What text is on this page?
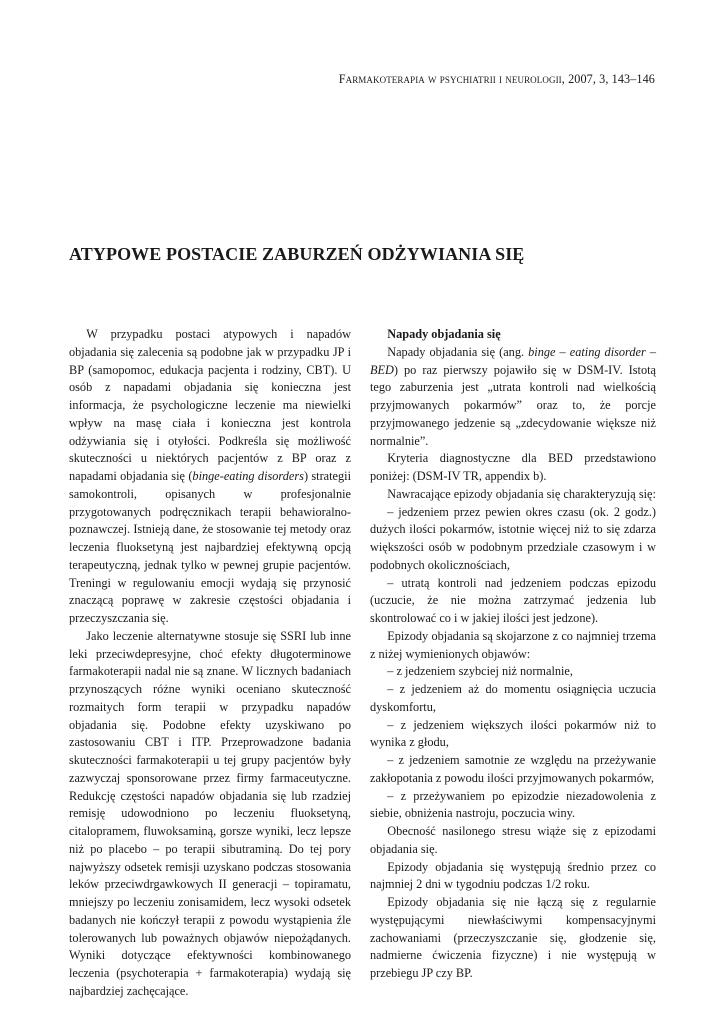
Farmakoterapia w psychiatrii i neurologii, 2007, 3, 143–146
ATYPOWE POSTACIE ZABURZEŃ ODŻYWIANIA SIĘ

W przypadku postaci atypowych i napadów objadania się zalecenia są podobne jak w przypadku JP i BP (samopomoc, edukacja pacjenta i rodziny, CBT). U osób z napadami objadania się konieczna jest informacja, że psychologiczne leczenie ma niewielki wpływ na masę ciała i konieczna jest kontrola odżywiania się i otyłości. Podkreśla się możliwość skuteczności u niektórych pacjentów z BP oraz z napadami objadania się (binge-eating disorders) strategii samokontroli, opisanych w profesjonalnie przygotowanych podręcznikach terapii behawioralno-poznawczej. Istnieją dane, że stosowanie tej metody oraz leczenia fluoksetyną jest najbardziej efektywną opcją terapeutyczną, jednak tylko w pewnej grupie pacjentów. Treningi w regulowaniu emocji wydają się przynosić znaczącą poprawę w zakresie częstości objadania i przeczyszczania się.

Jako leczenie alternatywne stosuje się SSRI lub inne leki przeciwdepresyjne, choć efekty długoterminowe farmakoterapii nadal nie są znane. W licznych badaniach przynoszących różne wyniki oceniano skuteczność rozmaitych form terapii w przypadku napadów objadania się. Podobne efekty uzyskiwano po zastosowaniu CBT i ITP. Przeprowadzone badania skuteczności farmakoterapii u tej grupy pacjentów były zazwyczaj sponsorowane przez firmy farmaceutyczne. Redukcję częstości napadów objadania się lub rzadziej remisję udowodniono po leczeniu fluoksetyną, citalopramem, fluwoksaminą, gorsze wyniki, lecz lepsze niż po placebo – po terapii sibutraminą. Do tej pory najwyższy odsetek remisji uzyskano podczas stosowania leków przeciwdrgawkowych II generacji – topiramatu, mniejszy po leczeniu zonisamidem, lecz wysoki odsetek badanych nie kończył terapii z powodu wystąpienia źle tolerowanych lub poważnych objawów niepożądanych. Wyniki dotyczące efektywności kombinowanego leczenia (psychoterapia + farmakoterapia) wydają się najbardziej zachęcające.

Napady objadania się

Napady objadania się (ang. binge – eating disorder – BED) po raz pierwszy pojawiło się w DSM-IV. Istotą tego zaburzenia jest „utrata kontroli nad wielkością przyjmowanych pokarmów” oraz to, że porcje przyjmowanego jedzenie są „zdecydowanie większe niż normalnie”.

Kryteria diagnostyczne dla BED przedstawiono poniżej: (DSM-IV TR, appendix b).

Nawracające epizody objadania się charakteryzują się:

– jedzeniem przez pewien okres czasu (ok. 2 godz.) dużych ilości pokarmów, istotnie więcej niż to się zdarza większości osób w podobnym przedziale czasowym i w podobnych okolicznościach,

– utratą kontroli nad jedzeniem podczas epizodu (uczucie, że nie można zatrzymać jedzenia lub skontrolować co i w jakiej ilości jest jedzone).

Epizody objadania są skojarzone z co najmniej trzema z niżej wymienionych objawów:

– z jedzeniem szybciej niż normalnie,

– z jedzeniem aż do momentu osiągnięcia uczucia dyskomfortu,

– z jedzeniem większych ilości pokarmów niż to wynika z głodu,

– z jedzeniem samotnie ze względu na przeżywanie zakłopotania z powodu ilości przyjmowanych pokarmów,

– z przeżywaniem po epizodzie niezadowolenia z siebie, obniżenia nastroju, poczucia winy.

Obecność nasilonego stresu wiąże się z epizodami objadania się.

Epizody objadania się występują średnio przez co najmniej 2 dni w tygodniu podczas 1/2 roku.

Epizody objadania się nie łączą się z regularnie występującymi niewłaściwymi kompensacyjnymi zachowaniami (przeczyszczanie się, głodzenie się, nadmierne ćwiczenia fizyczne) i nie występują w przebiegu JP czy BP.
